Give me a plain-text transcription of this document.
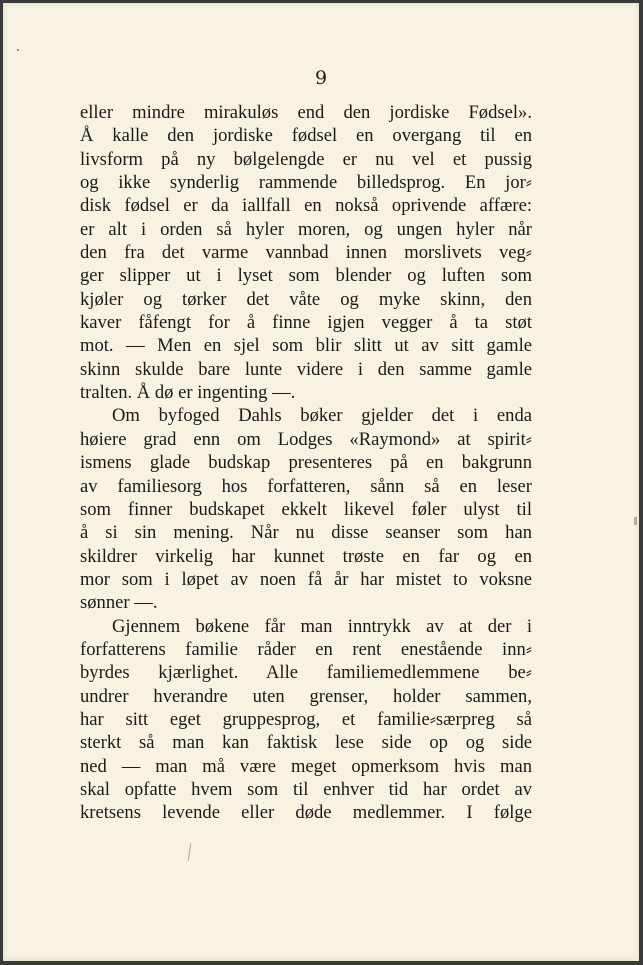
9
eller mindre mirakuløs end den jordiske Fødsel».
Å kalle den jordiske fødsel en overgang til en
livsform på ny bølgelengde er nu vel et pussig
og ikke synderlig rammende billedsprog. En jor⸗
disk fødsel er da iallfall en nokså oprivende affære:
er alt i orden så hyler moren, og ungen hyler når
den fra det varme vannbad innen morslivets veg⸗
ger slipper ut i lyset som blender og luften som
kjøler og tørker det våte og myke skinn, den
kaver fåfengt for å finne igjen vegger å ta støt
mot. — Men en sjel som blir slitt ut av sitt gamle
skinn skulde bare lunte videre i den samme gamle
tralten. Å dø er ingenting —.
Om byfoged Dahls bøker gjelder det i enda
høiere grad enn om Lodges «Raymond» at spirit⸗
ismens glade budskap presenteres på en bakgrunn
av familiesorg hos forfatteren, sånn så en leser
som finner budskapet ekkelt likevel føler ulyst til
å si sin mening. Når nu disse seanser som han
skildrer virkelig har kunnet trøste en far og en
mor som i løpet av noen få år har mistet to voksne
sønner —.
Gjennem bøkene får man inntrykk av at der i
forfatterens familie råder en rent enestående inn⸗
byrdes kjærlighet. Alle familiemedlemmene be⸗
undrer hverandre uten grenser, holder sammen,
har sitt eget gruppesprog, et familie⸗særpreg så
sterkt så man kan faktisk lese side op og side
ned — man må være meget opmerksom hvis man
skal opfatte hvem som til enhver tid har ordet av
kretsens levende eller døde medlemmer. I følge
